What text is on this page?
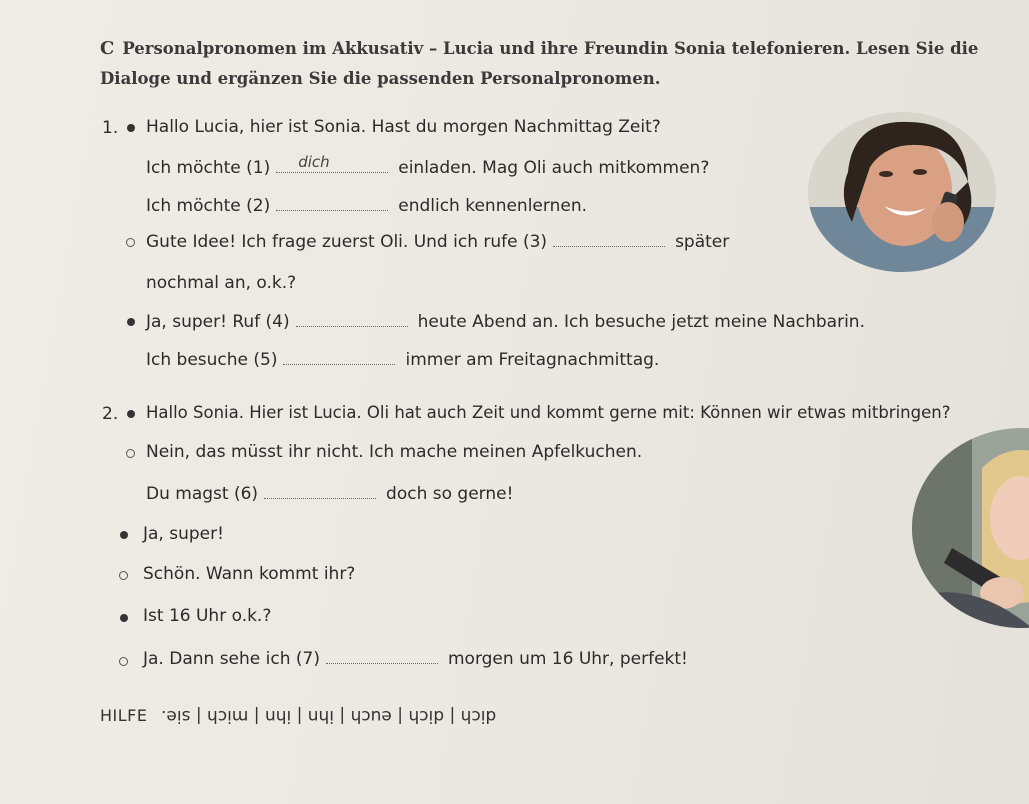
C Personalpronomen im Akkusativ – Lucia und ihre Freundin Sonia telefonieren. Lesen Sie die
Dialoge und ergänzen Sie die passenden Personalpronomen.
1. Hallo Lucia, hier ist Sonia. Hast du morgen Nachmittag Zeit?
Ich möchte (1) dich	einladen. Mag Oli auch mitkommen?
Ich möchte (2)	endlich kennenlernen.
Gute Idee! Ich frage zuerst Oli. Und ich rufe (3)	später
nochmal an, o.k.?
Ja, super! Ruf (4)	heute Abend an. Ich besuche jetzt meine Nachbarin.
Ich besuche (5)	immer am Freitagnachmittag.
2. Hallo Sonia. Hier ist Lucia. Oli hat auch Zeit und kommt gerne mit: Können wir etwas mitbringen?
Nein, das müsst ihr nicht. Ich mache meinen Apfelkuchen.
Du magst (6)	doch so gerne!
Ja, super!
Schön. Wann kommt ihr?
Ist 16 Uhr o.k.?
Ja. Dann sehe ich (7)	morgen um 16 Uhr, perfekt!
HILFE dich | dich | euch | ihn | ihn | mich | sie.
